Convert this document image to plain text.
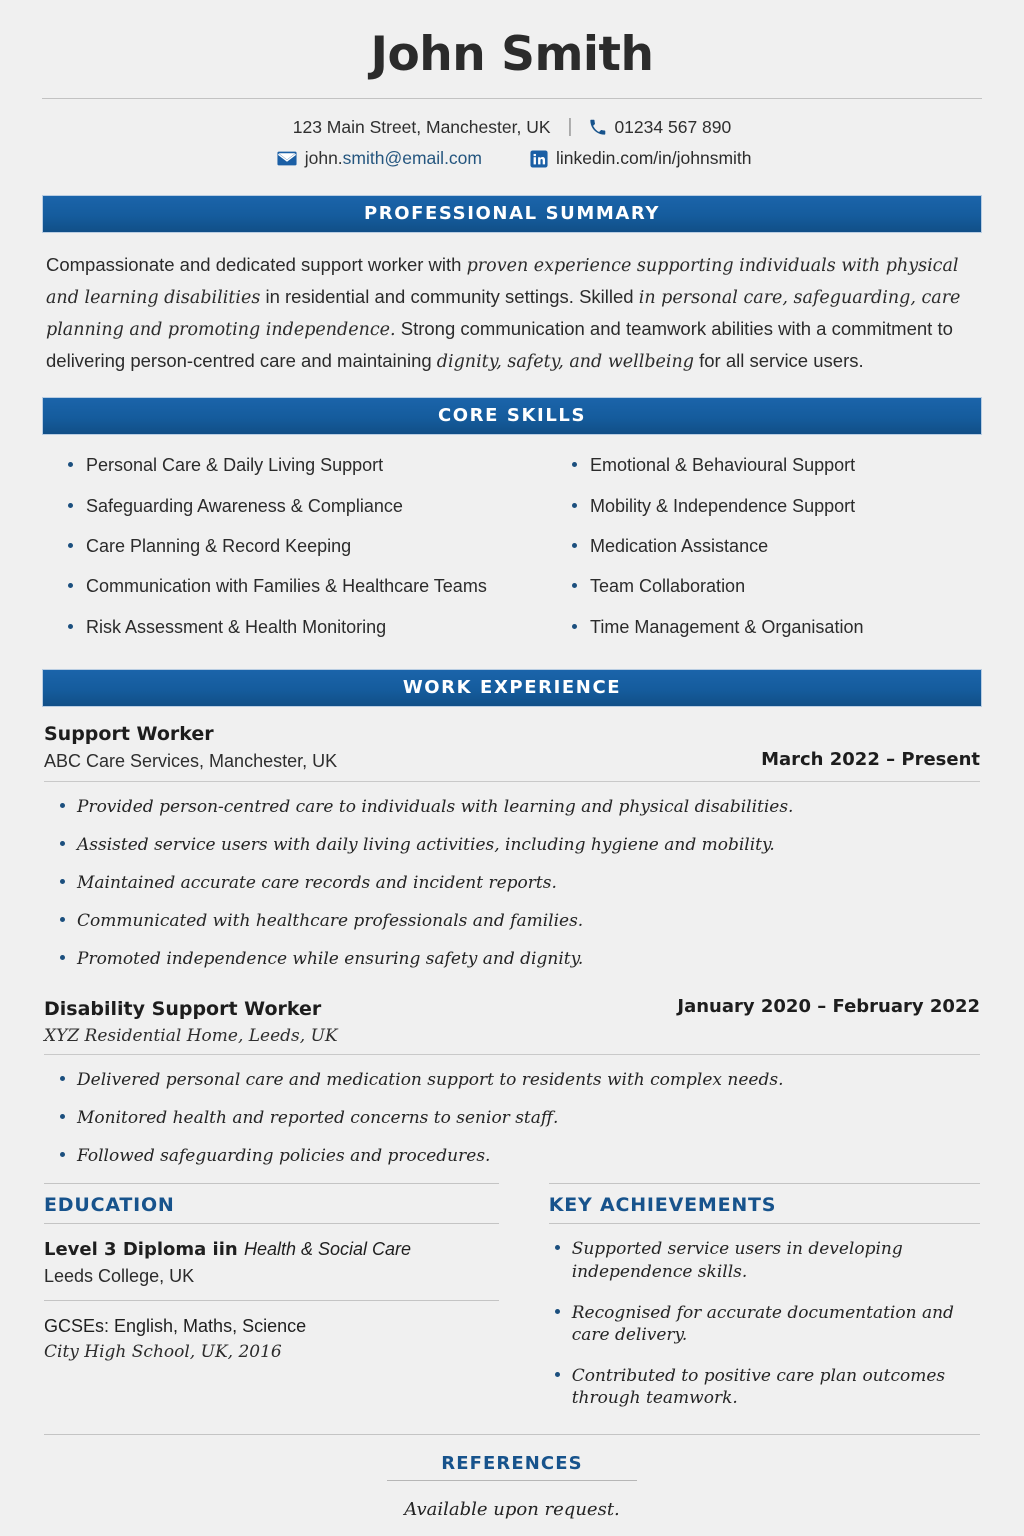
John Smith
123 Main Street, Manchester, UK | 01234 567 890
john.smith@email.com	linkedin.com/in/johnsmith
PROFESSIONAL SUMMARY

Compassionate and dedicated support worker with proven experience supporting individuals with physical and learning disabilities in residential and community settings. Skilled in personal care, safeguarding, care planning and promoting independence. Strong communication and teamwork abilities with a commitment to delivering person-centred care and maintaining dignity, safety, and wellbeing for all service users.

CORE SKILLS
Personal Care & Daily Living Support
Safeguarding Awareness & Compliance
Care Planning & Record Keeping
Communication with Families & Healthcare Teams
Risk Assessment & Health Monitoring
Emotional & Behavioural Support
Mobility & Independence Support
Medication Assistance
Team Collaboration
Time Management & Organisation
WORK EXPERIENCE
Support Worker
ABC Care Services, Manchester, UK	March 2022 – Present
Provided person-centred care to individuals with learning and physical disabilities.
Assisted service users with daily living activities, including hygiene and mobility.
Maintained accurate care records and incident reports.
Communicated with healthcare professionals and families.
Promoted independence while ensuring safety and dignity.
Disability Support Worker
XYZ Residential Home, Leeds, UK
January 2020 – February 2022
Delivered personal care and medication support to residents with complex needs.
Monitored health and reported concerns to senior staff.
Followed safeguarding policies and procedures.
EDUCATION
Level 3 Diploma iin Health & Social Care
Leeds College, UK
GCSEs: English, Maths, Science
City High School, UK, 2016
KEY ACHIEVEMENTS
Supported service users in developing independence skills.
Recognised for accurate documentation and care delivery.
Contributed to positive care plan outcomes through teamwork.
REFERENCES
Available upon request.
